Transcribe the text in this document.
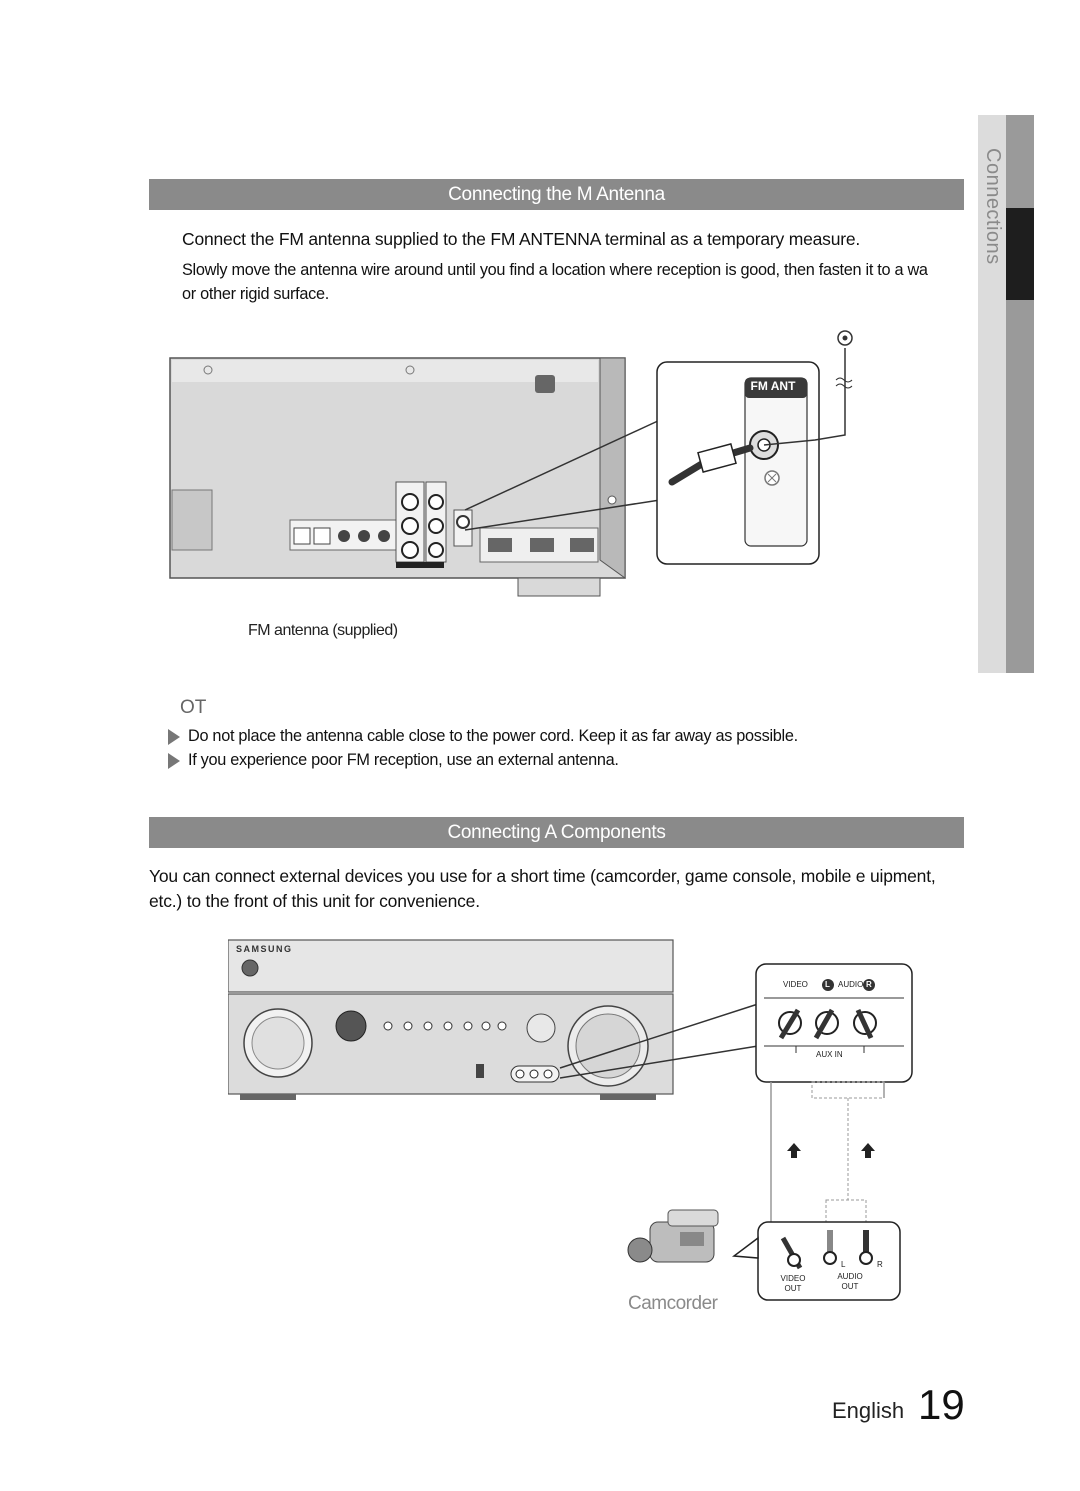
Connections
Connecting the M Antenna
Connect the FM antenna supplied to the FM ANTENNA terminal as a temporary measure.
Slowly move the antenna wire around until you find a location where reception is good, then fasten it to a wa
or other rigid surface.
FM ANT
FM antenna (supplied)
OT
Do not place the antenna cable close to the power cord. Keep it as far away as possible.
If you experience poor FM reception, use an external antenna.
Connecting A Components
You can connect external devices you use for a short time (camcorder, game console, mobile e uipment,
etc.) to the front of this unit for convenience.
SAMSUNG
VIDEO L AUDIO R
AUX IN
VIDEO
OUT
AUDIO
OUT
L	R
Camcorder
English 19
